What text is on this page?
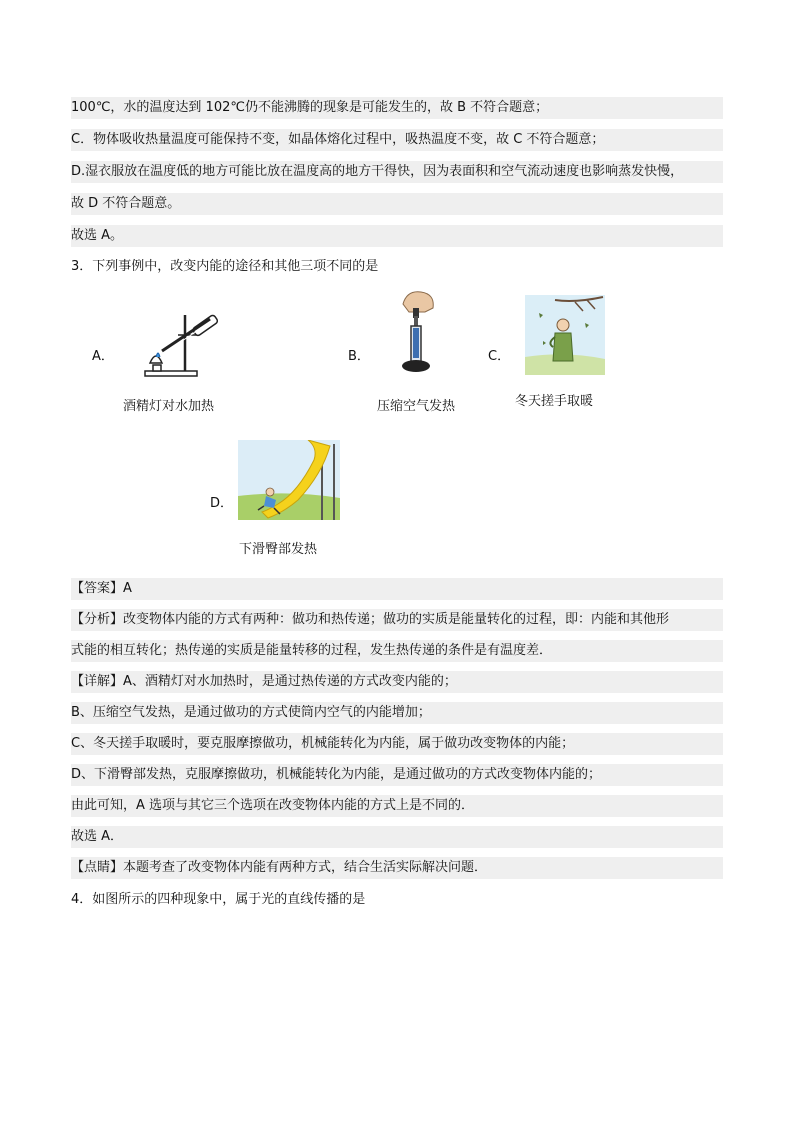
100℃，水的温度达到 102℃仍不能沸腾的现象是可能发生的，故 B 不符合题意；
C．物体吸收热量温度可能保持不变，如晶体熔化过程中，吸热温度不变，故 C 不符合题意；
D.湿衣服放在温度低的地方可能比放在温度高的地方干得快，因为表面积和空气流动速度也影响蒸发快慢，
故 D 不符合题意。
故选 A。
3．下列事例中，改变内能的途径和其他三项不同的是
A．
酒精灯对水加热
B．
压缩空气发热
C．
冬天搓手取暖
D．
下滑臀部发热
【答案】A
【分析】改变物体内能的方式有两种：做功和热传递；做功的实质是能量转化的过程，即：内能和其他形
式能的相互转化；热传递的实质是能量转移的过程，发生热传递的条件是有温度差．
【详解】A、酒精灯对水加热时，是通过热传递的方式改变内能的；
B、压缩空气发热，是通过做功的方式使筒内空气的内能增加；
C、冬天搓手取暖时，要克服摩擦做功，机械能转化为内能，属于做功改变物体的内能；
D、下滑臀部发热，克服摩擦做功，机械能转化为内能，是通过做功的方式改变物体内能的；
由此可知，A 选项与其它三个选项在改变物体内能的方式上是不同的．
故选 A．
【点睛】本题考查了改变物体内能有两种方式，结合生活实际解决问题．
4．如图所示的四种现象中，属于光的直线传播的是
